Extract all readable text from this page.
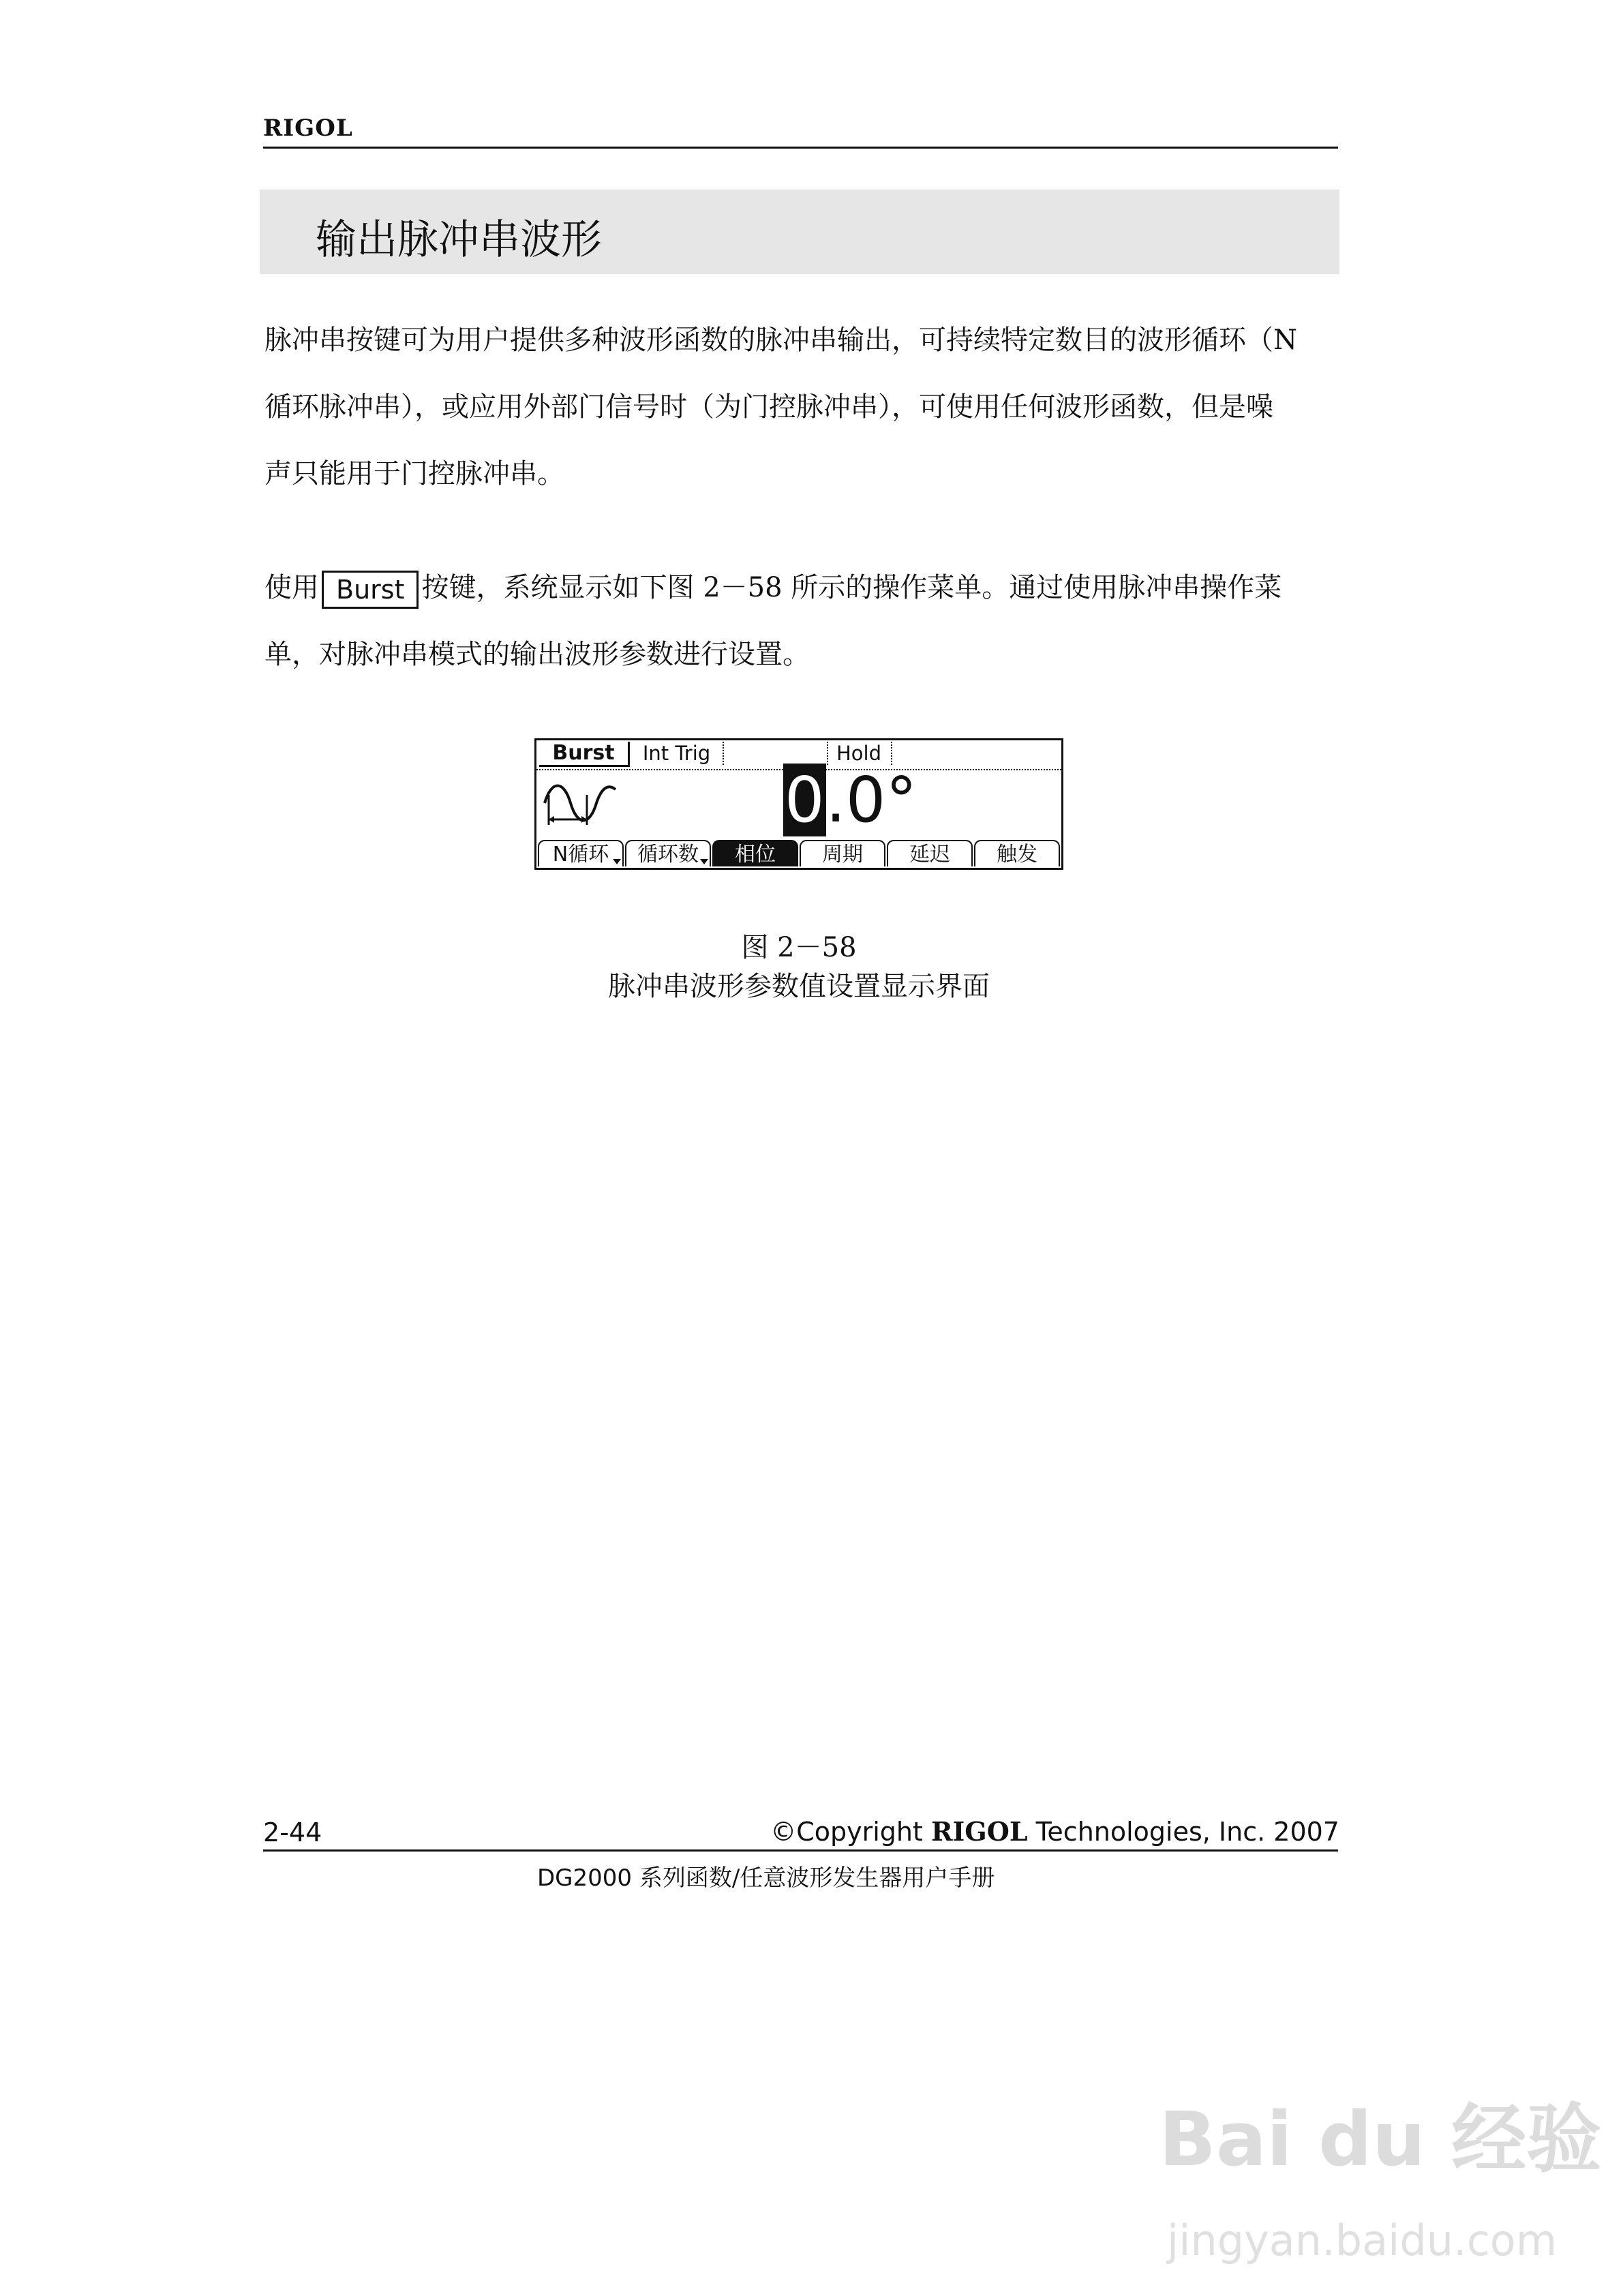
RIGOL
输出脉冲串波形
脉冲串按键可为用户提供多种波形函数的脉冲串输出，可持续特定数目的波形循环（N
循环脉冲串），或应用外部门信号时（为门控脉冲串），可使用任何波形函数，但是噪
声只能用于门控脉冲串。
使用 Burst 按键，系统显示如下图 2－58 所示的操作菜单。通过使用脉冲串操作菜
单，对脉冲串模式的输出波形参数进行设置。
Burst	Int Trig	Hold
0.0°
N循环	循环数	相位	周期	延迟	触发
图 2－58
脉冲串波形参数值设置显示界面
2-44	©Copyright RIGOL Technologies, Inc. 2007
DG2000 系列函数/任意波形发生器用户手册
Bai du 经验
jingyan.baidu.com
